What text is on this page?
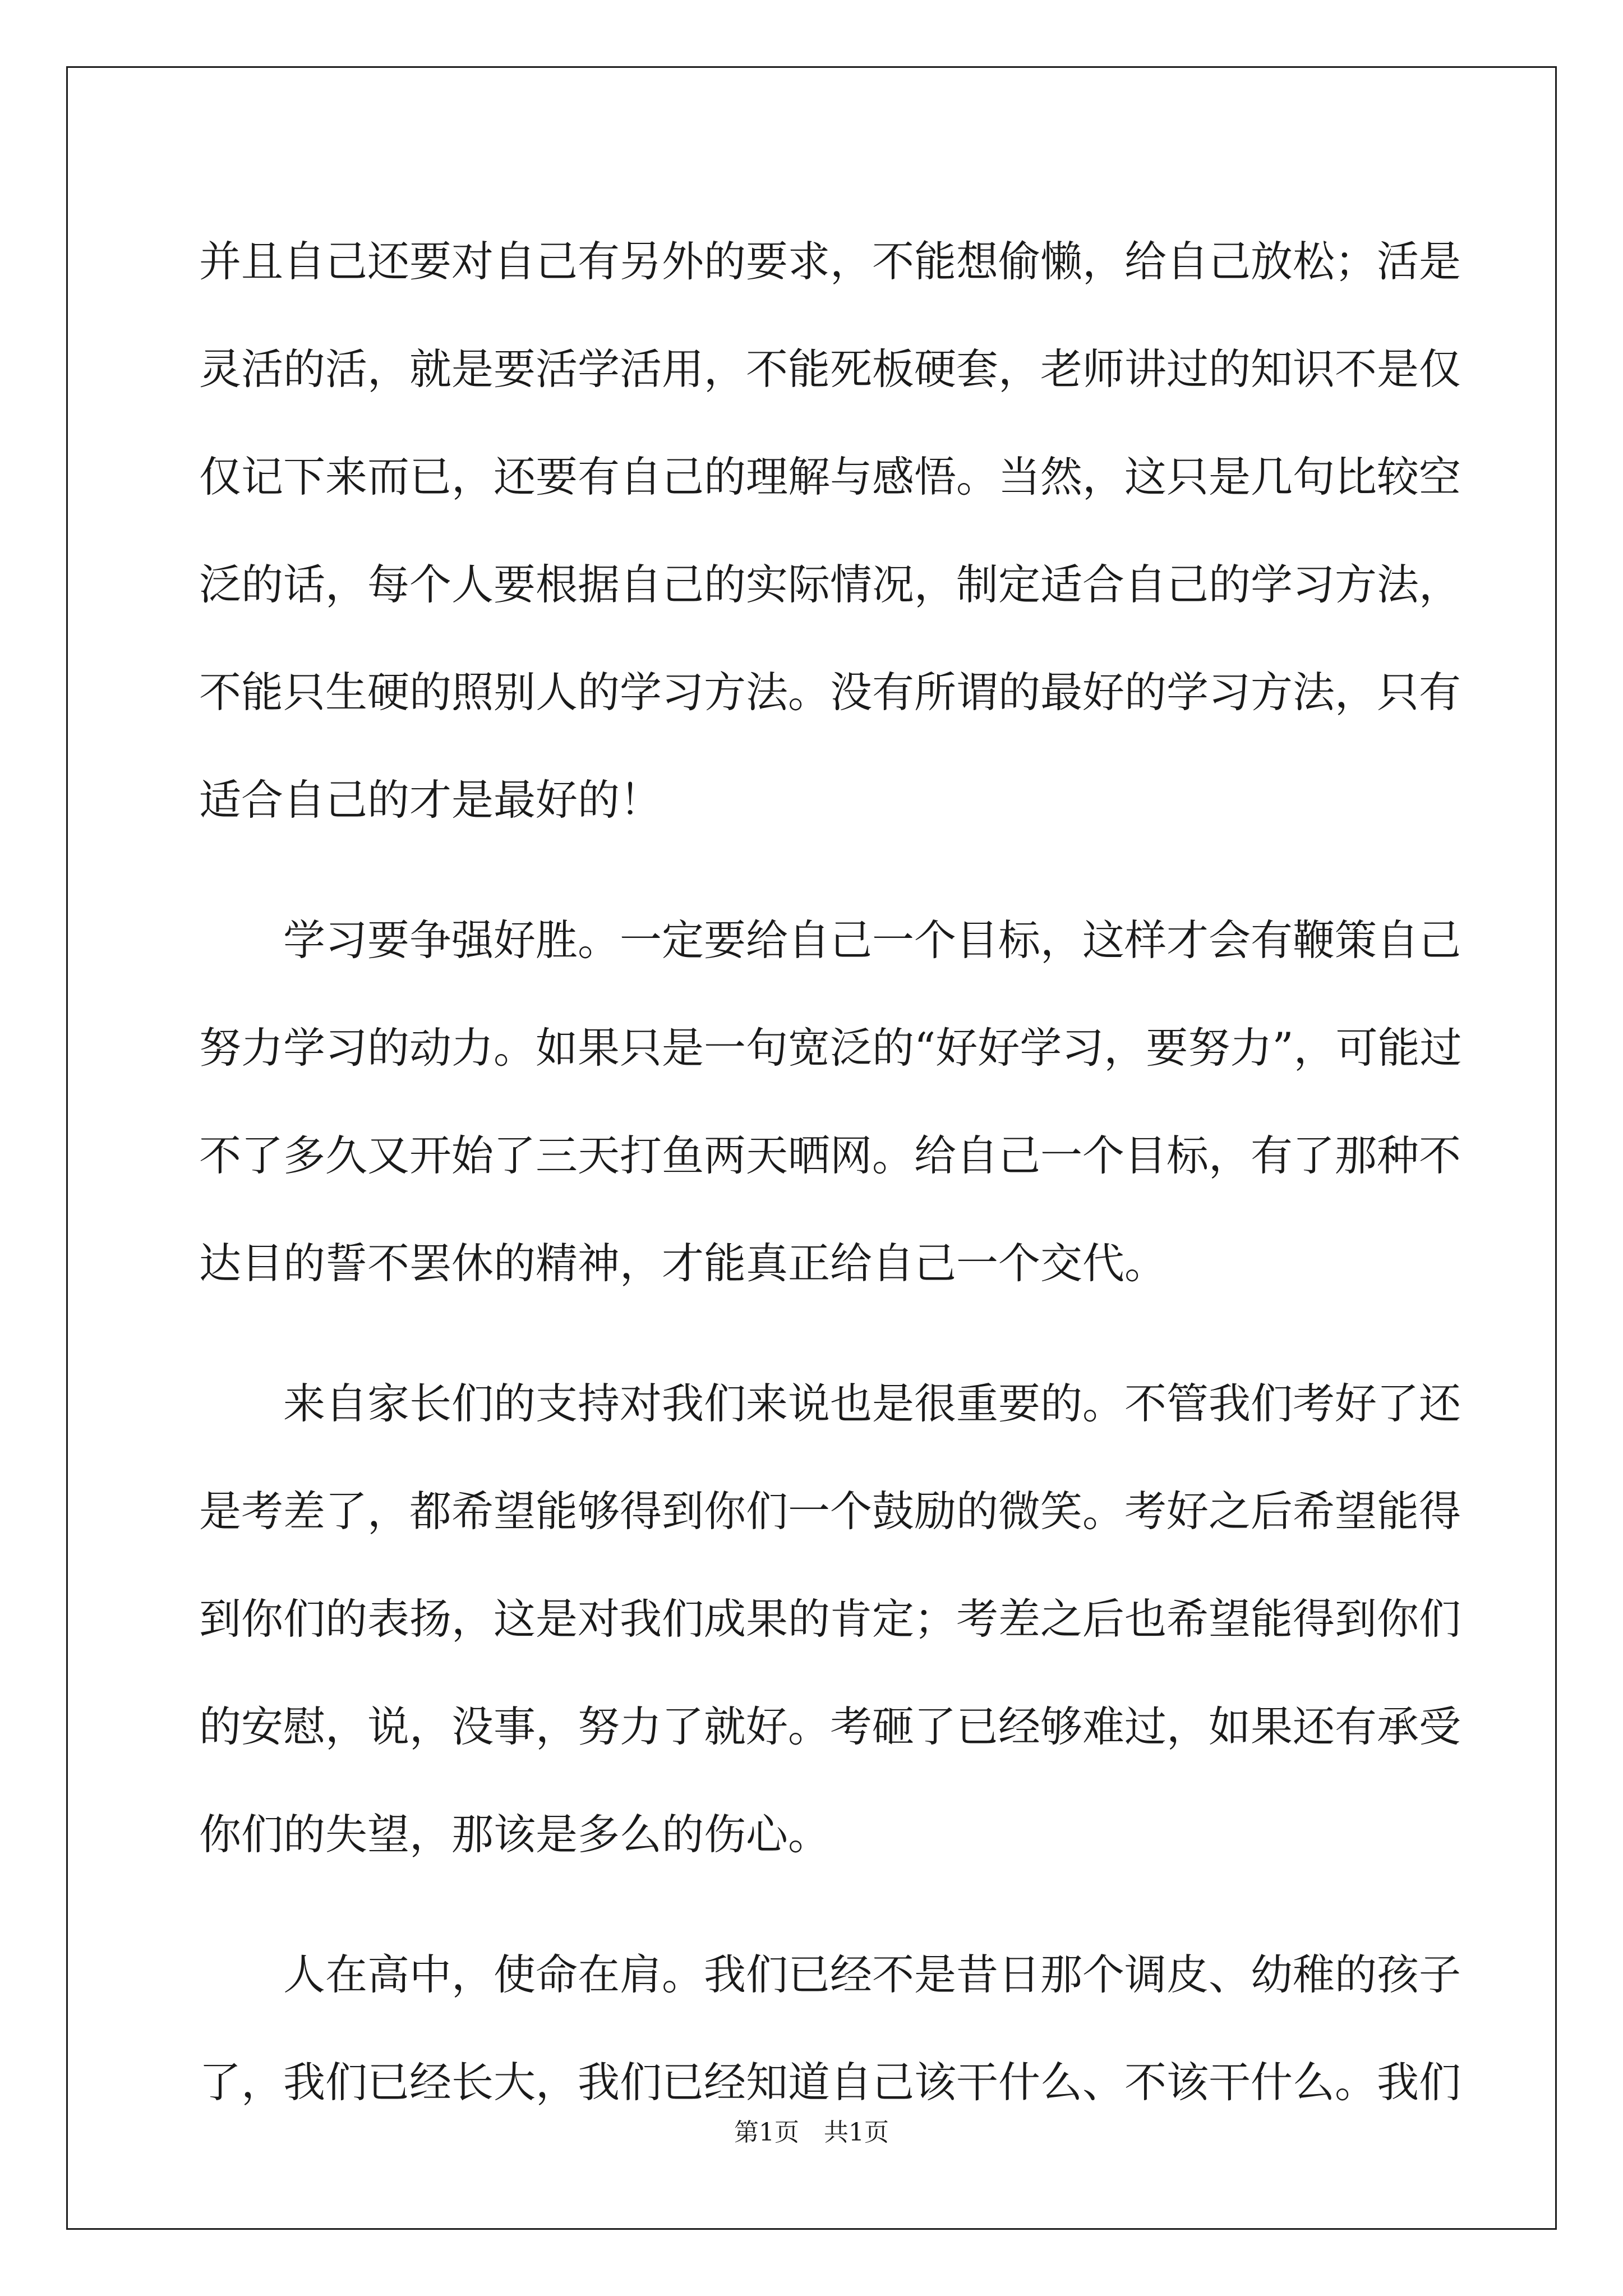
并且自己还要对自己有另外的要求，不能想偷懒，给自己放松；活是
灵活的活，就是要活学活用，不能死板硬套，老师讲过的知识不是仅
仅记下来而已，还要有自己的理解与感悟。当然，这只是几句比较空
泛的话，每个人要根据自己的实际情况，制定适合自己的学习方法，
不能只生硬的照别人的学习方法。没有所谓的最好的学习方法，只有
适合自己的才是最好的！
学习要争强好胜。一定要给自己一个目标，这样才会有鞭策自己
努力学习的动力。如果只是一句宽泛的“好好学习，要努力”，可能过
不了多久又开始了三天打鱼两天晒网。给自己一个目标，有了那种不
达目的誓不罢休的精神，才能真正给自己一个交代。
来自家长们的支持对我们来说也是很重要的。不管我们考好了还
是考差了，都希望能够得到你们一个鼓励的微笑。考好之后希望能得
到你们的表扬，这是对我们成果的肯定；考差之后也希望能得到你们
的安慰，说，没事，努力了就好。考砸了已经够难过，如果还有承受
你们的失望，那该是多么的伤心。
人在高中，使命在肩。我们已经不是昔日那个调皮、幼稚的孩子
了，我们已经长大，我们已经知道自己该干什么、不该干什么。我们
第1页　共1页
